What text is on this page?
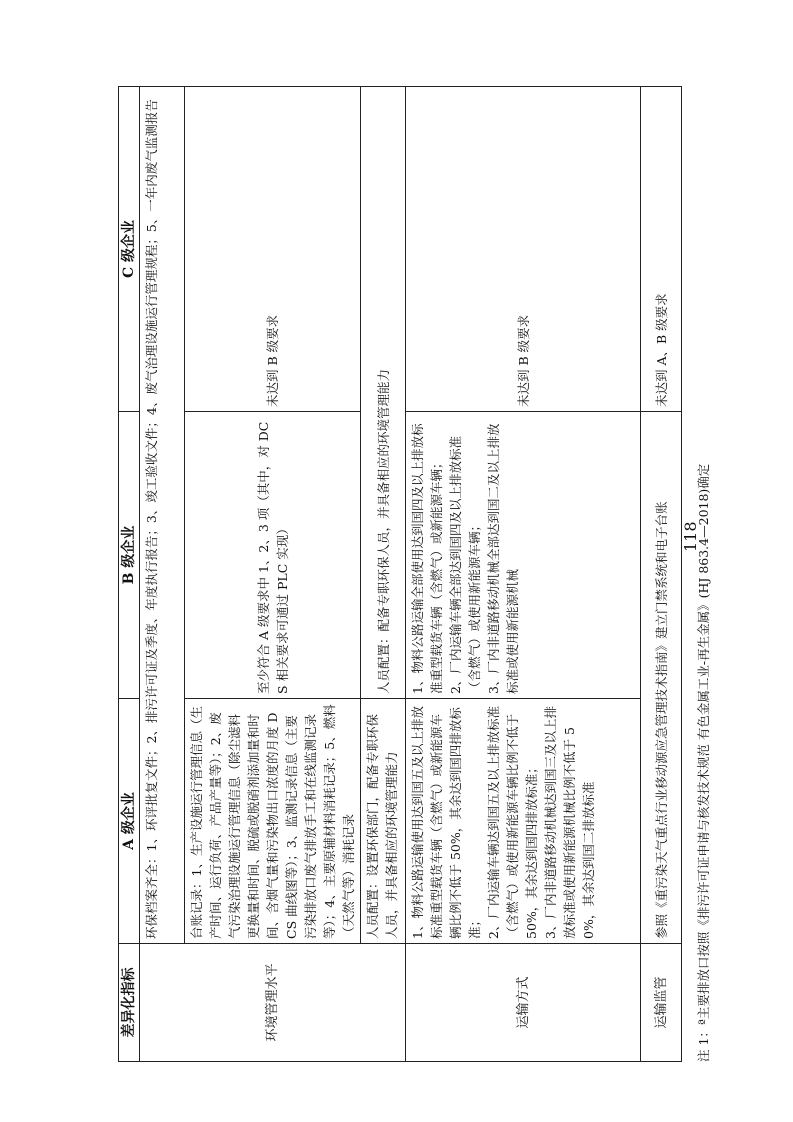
差异化指标	A 级企业	B 级企业	C 级企业
环境管理水平	环保档案齐全：1、环评批复文件；2、排污许可证及季度、年度执行报告；3、竣工验收文件；4、废气治理设施运行管理规程；5、一年内废气监测报告		
	台账记录：1、生产设施运行管理信息（生产时间、运行负荷、产品产量等）；2、废气污染治理设施运行管理信息（除尘滤料更换量和时间、脱硫或脱硝剂添加量和时间、含烟气量和污染物出口浓度的月度 DCS 曲线图等）；3、监测记录信息（主要污染排放口废气排放手工和在线监测记录等）；4、主要原辅材料消耗记录；5、燃料（天然气等）消耗记录	至少符合 A 级要求中 1、2、3 项（其中，对 DCS 相关要求可通过 PLC 实现）	未达到 B 级要求
	人员配置：设置环保部门，配备专职环保人员，并具备相应的环境管理能力	人员配置：配备专职环保人员，并具备相应的环境管理能力	
运输方式	1、物料公路运输使用达到国五及以上排放标准重型载货车辆（含燃气）或新能源车辆比例不低于 50%，其余达到国四排放标准； 2、厂内运输车辆达到国五及以上排放标准（含燃气）或使用新能源车辆比例不低于 50%，其余达到国四排放标准； 3、厂内非道路移动机械达到国三及以上排放标准或使用新能源机械比例不低于 50%，其余达到国二排放标准	1、物料公路运输全部使用达到国四及以上排放标准重型载货车辆（含燃气）或新能源车辆； 2、厂内运输车辆全部达到国四及以上排放标准（含燃气）或使用新能源车辆； 3、厂内非道路移动机械全部达到国二及以上排放标准或使用新能源机械	未达到 B 级要求
运输监管	参照《重污染天气重点行业移动源应急管理技术指南》建立门禁系统和电子台账		未达到 A、B 级要求
注 1：ª主要排放口按照《排污许可证申请与核发技术规范 有色金属工业-再生金属》(HJ 863.4—2018)确定
118
